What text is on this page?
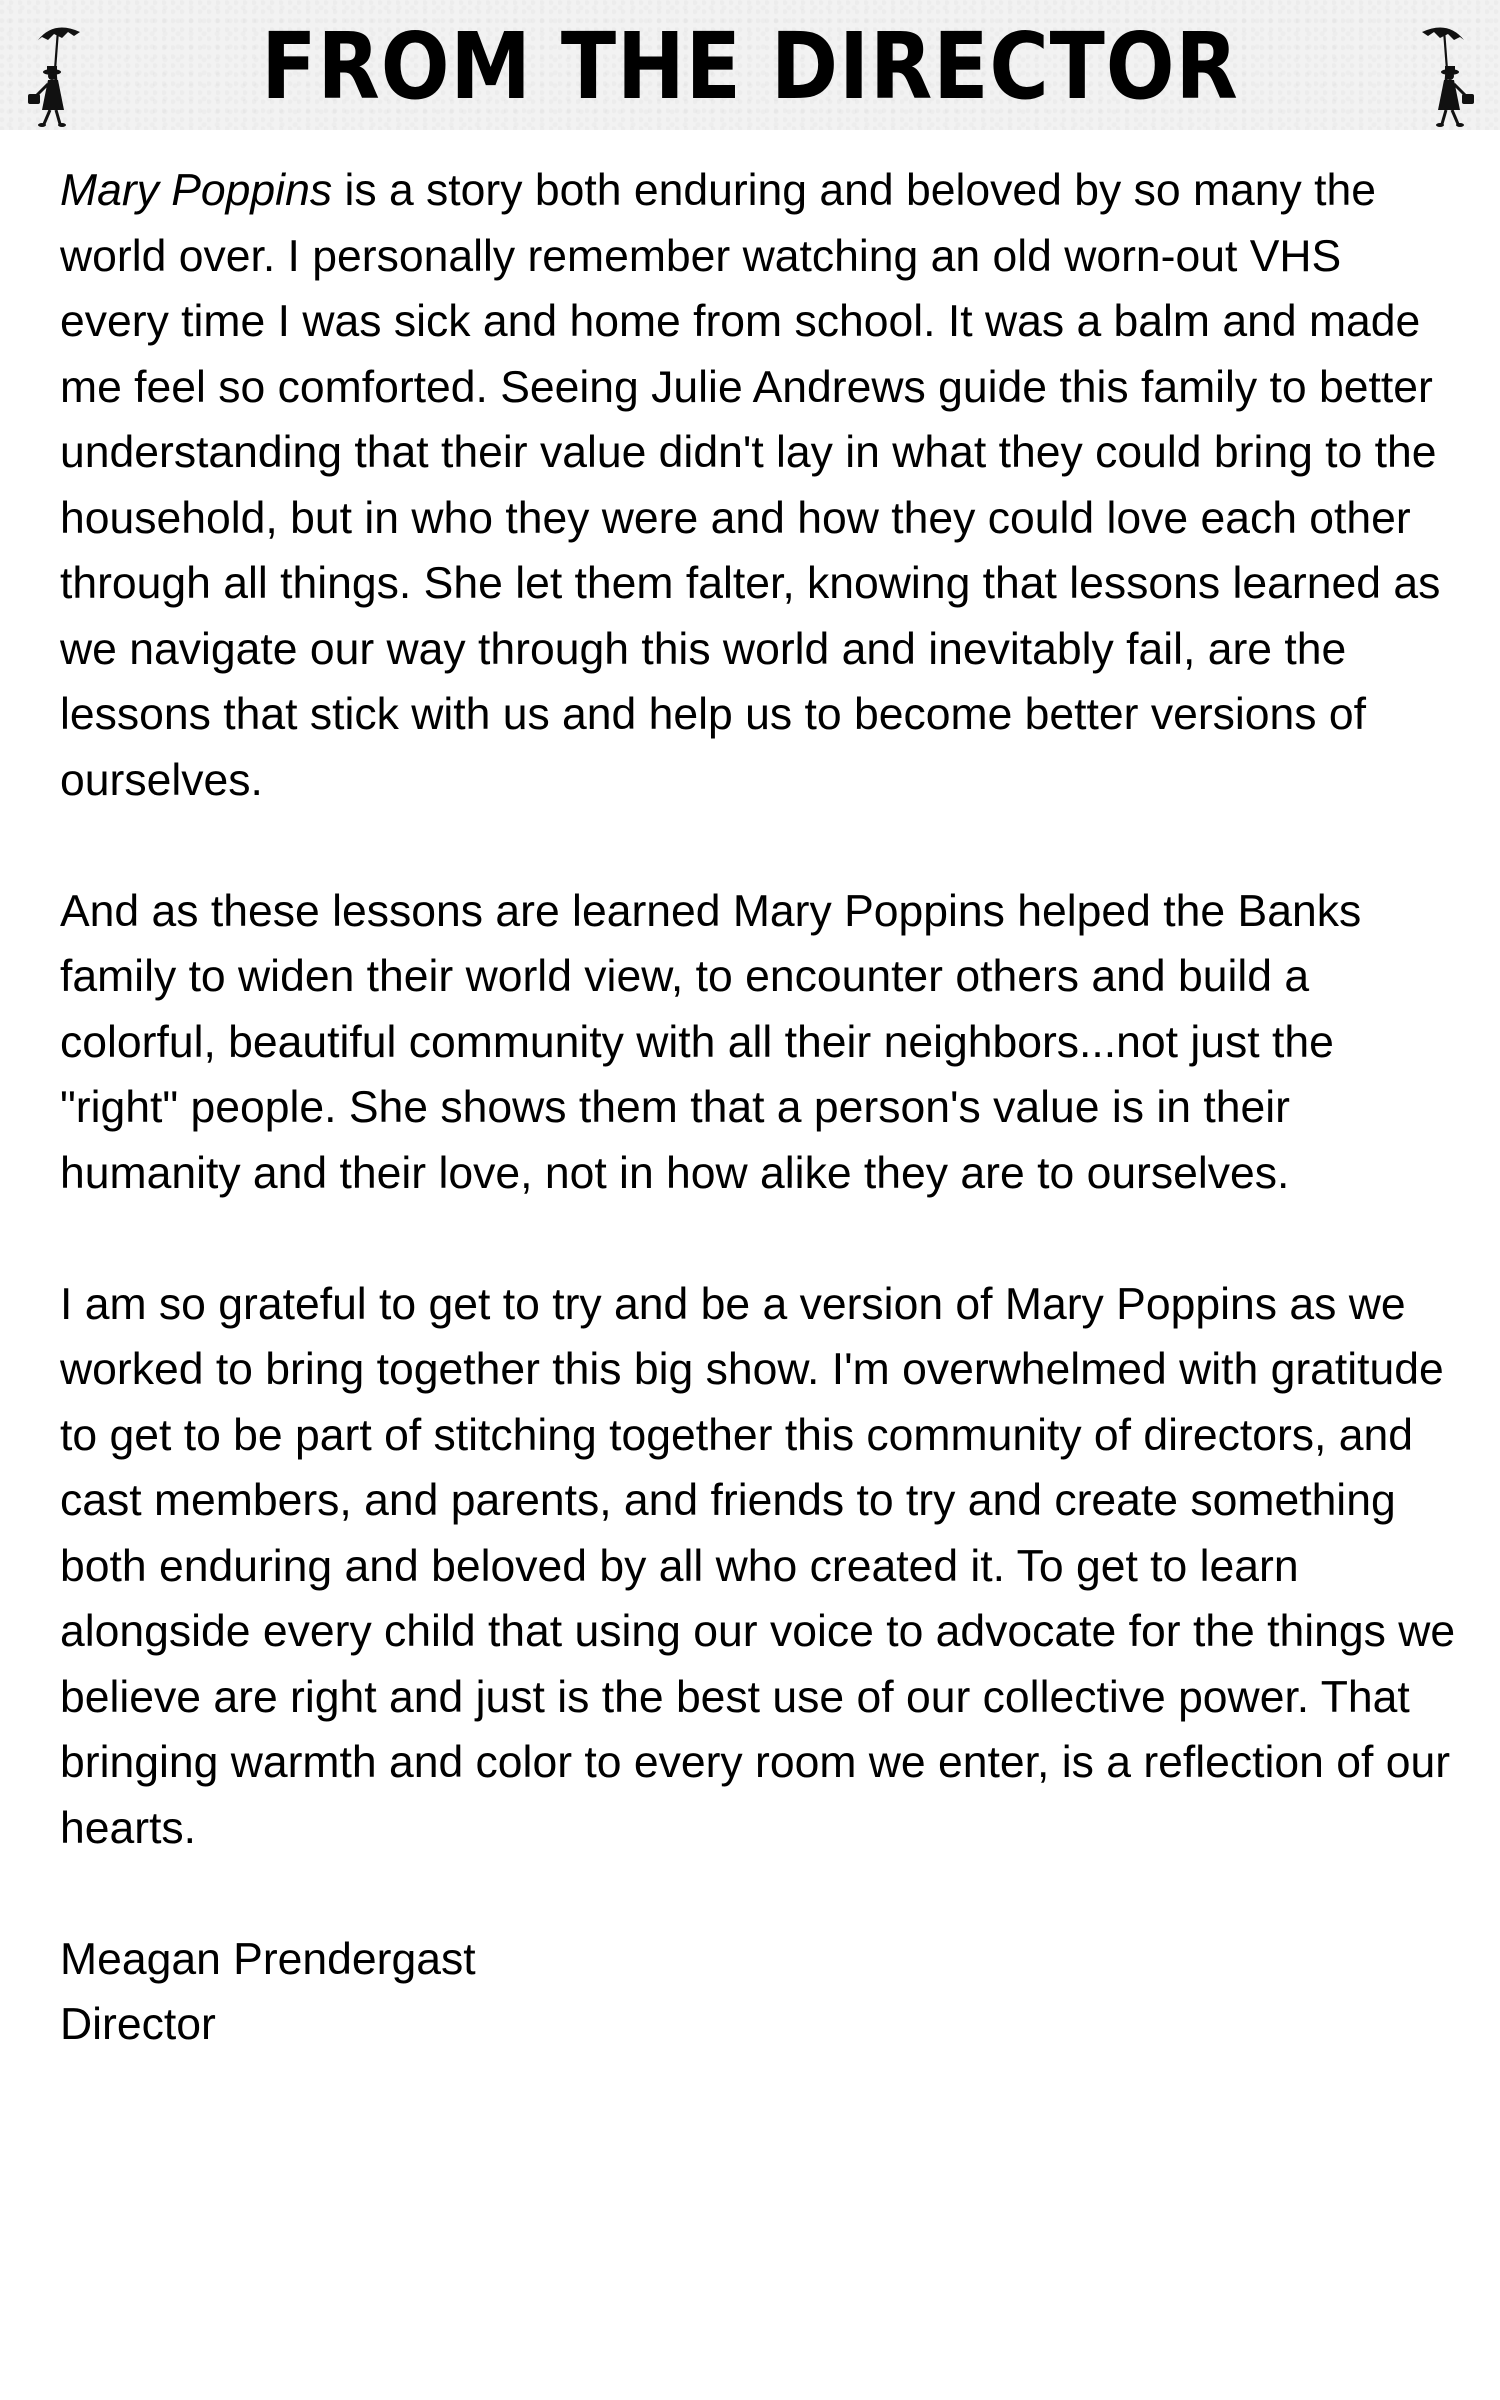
FROM THE DIRECTOR

Mary Poppins is a story both enduring and beloved by so many the world over. I personally remember watching an old worn-out VHS every time I was sick and home from school. It was a balm and made me feel so comforted. Seeing Julie Andrews guide this family to better understanding that their value didn't lay in what they could bring to the household, but in who they were and how they could love each other through all things. She let them falter, knowing that lessons learned as we navigate our way through this world and inevitably fail, are the lessons that stick with us and help us to become better versions of ourselves.

And as these lessons are learned Mary Poppins helped the Banks family to widen their world view, to encounter others and build a colorful, beautiful community with all their neighbors...not just the "right" people. She shows them that a person's value is in their humanity and their love, not in how alike they are to ourselves.

I am so grateful to get to try and be a version of Mary Poppins as we worked to bring together this big show. I'm overwhelmed with gratitude to get to be part of stitching together this community of directors, and cast members, and parents, and friends to try and create something both enduring and beloved by all who created it. To get to learn alongside every child that using our voice to advocate for the things we believe are right and just is the best use of our collective power. That bringing warmth and color to every room we enter, is a reflection of our hearts.

Meagan Prendergast

Director
